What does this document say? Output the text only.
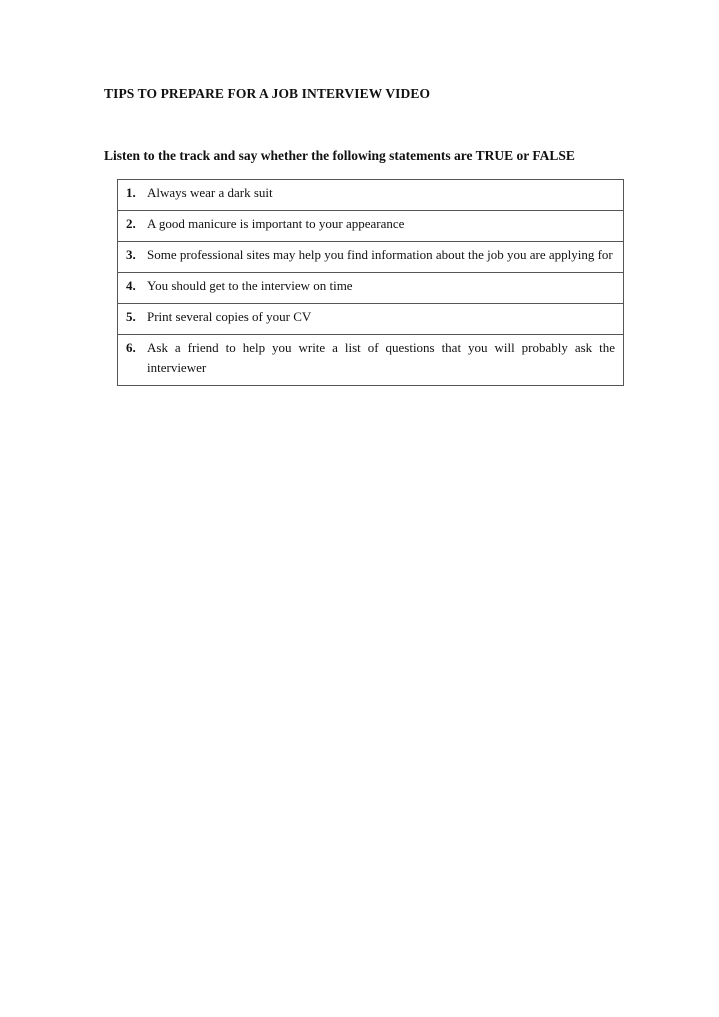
TIPS TO PREPARE FOR A JOB INTERVIEW VIDEO
Listen to the track and say whether the following statements are TRUE or FALSE
1. Always wear a dark suit

2. A good manicure is important to your appearance

3. Some professional sites may help you find information about the job you are applying for

4. You should get to the interview on time

5. Print several copies of your CV

6. Ask a friend to help you write a list of questions that you will probably ask the interviewer
